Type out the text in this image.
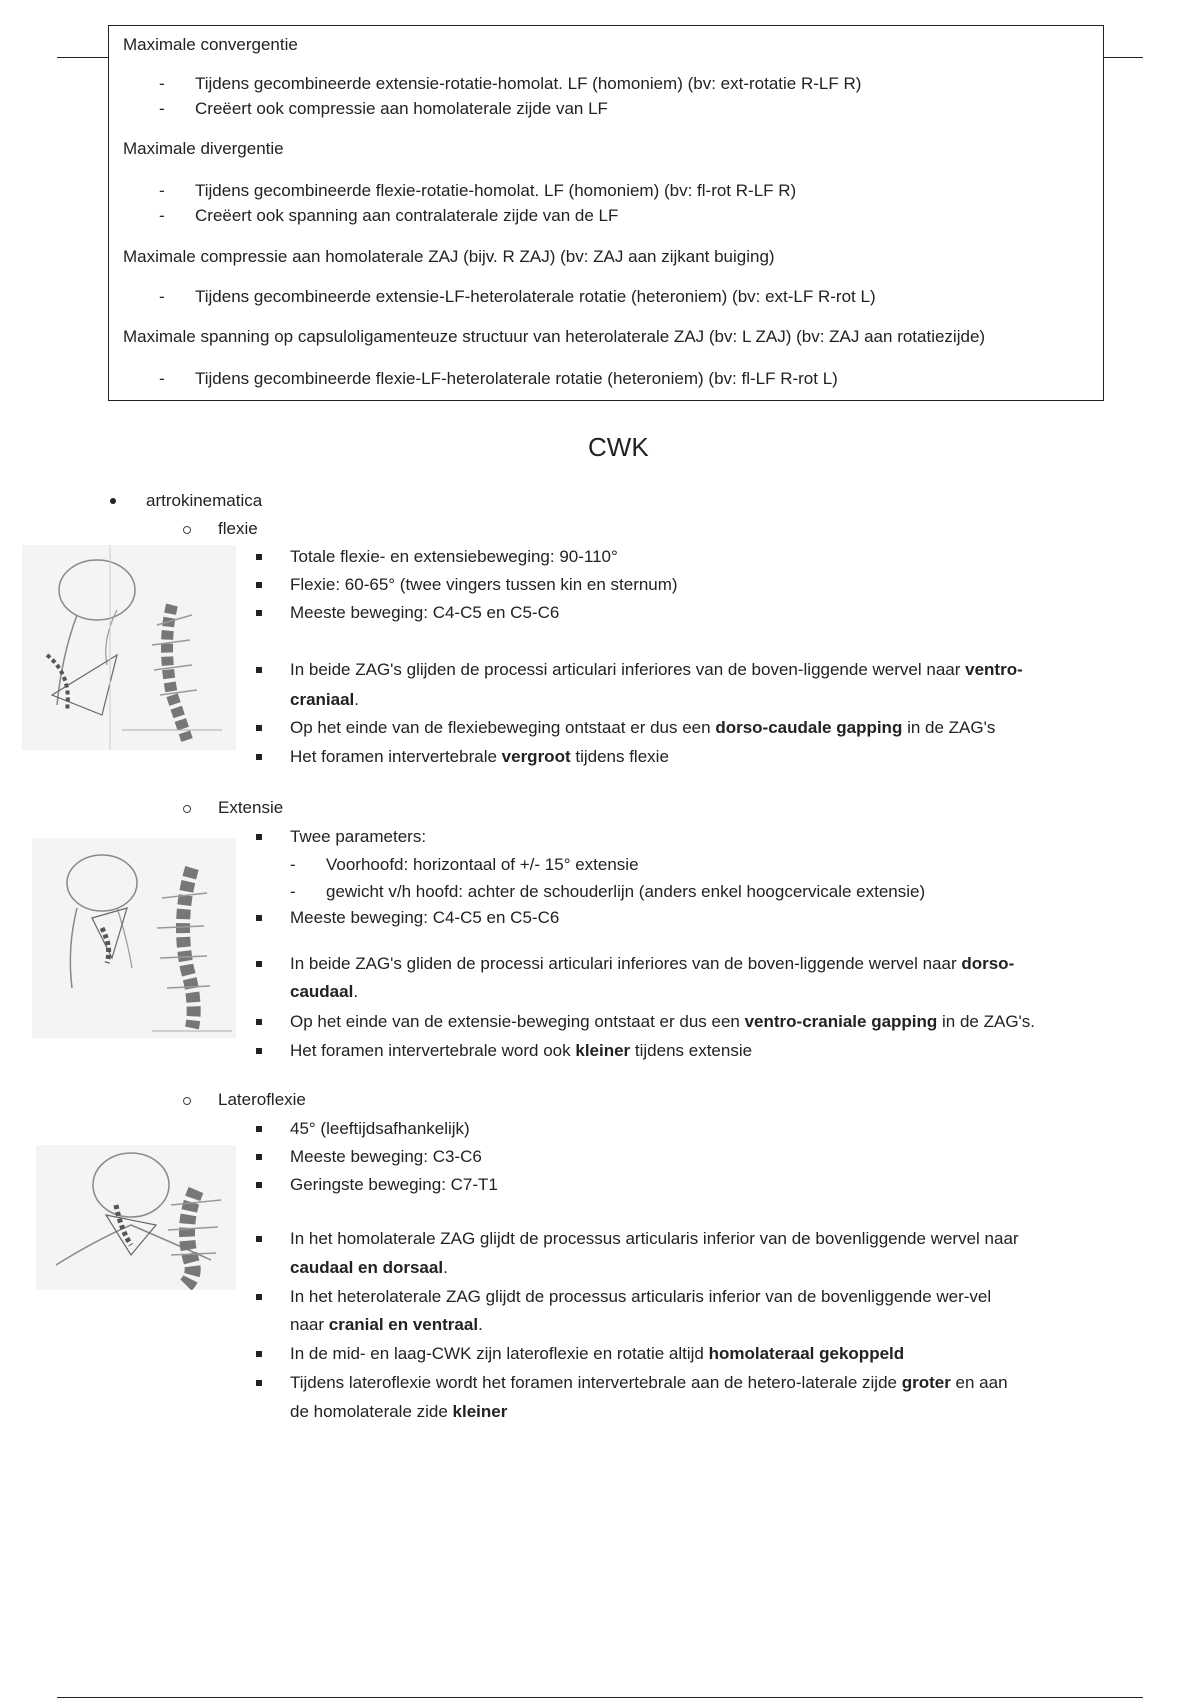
Maximale convergentie
- Tijdens gecombineerde extensie-rotatie-homolat. LF (homoniem) (bv: ext-rotatie R-LF R)
- Creëert ook compressie aan homolaterale zijde van LF
Maximale divergentie
- Tijdens gecombineerde flexie-rotatie-homolat. LF (homoniem) (bv: fl-rot R-LF R)
- Creëert ook spanning aan contralaterale zijde van de LF
Maximale compressie aan homolaterale ZAJ (bijv. R ZAJ) (bv: ZAJ aan zijkant buiging)
- Tijdens gecombineerde extensie-LF-heterolaterale rotatie (heteroniem) (bv: ext-LF R-rot L)
Maximale spanning op capsuloligamenteuze structuur van heterolaterale ZAJ (bv: L ZAJ) (bv: ZAJ aan rotatiezijde)
- Tijdens gecombineerde flexie-LF-heterolaterale rotatie (heteroniem) (bv: fl-LF R-rot L)
CWK
artrokinematica
flexie
Totale flexie- en extensiebeweging: 90-110°
Flexie: 60-65° (twee vingers tussen kin en sternum)
Meeste beweging: C4-C5 en C5-C6
In beide ZAG's glijden de processi articulari inferiores van de boven-liggende wervel naar ventro-
craniaal.
Op het einde van de flexiebeweging ontstaat er dus een dorso-caudale gapping in de ZAG's
Het foramen intervertebrale vergroot tijdens flexie
Extensie
Twee parameters:
- Voorhoofd: horizontaal of +/- 15° extensie
- gewicht v/h hoofd: achter de schouderlijn (anders enkel hoogcervicale extensie)
Meeste beweging: C4-C5 en C5-C6
In beide ZAG's gliden de processi articulari inferiores van de boven-liggende wervel naar dorso-
caudaal.
Op het einde van de extensie-beweging ontstaat er dus een ventro-craniale gapping in de ZAG's.
Het foramen intervertebrale word ook kleiner tijdens extensie
Lateroflexie
45° (leeftijdsafhankelijk)
Meeste beweging: C3-C6
Geringste beweging: C7-T1
In het homolaterale ZAG glijdt de processus articularis inferior van de bovenliggende wervel naar
caudaal en dorsaal.
In het heterolaterale ZAG glijdt de processus articularis inferior van de bovenliggende wer-vel
naar cranial en ventraal.
In de mid- en laag-CWK zijn lateroflexie en rotatie altijd homolateraal gekoppeld
Tijdens lateroflexie wordt het foramen intervertebrale aan de hetero-laterale zijde groter en aan
de homolaterale zide kleiner
